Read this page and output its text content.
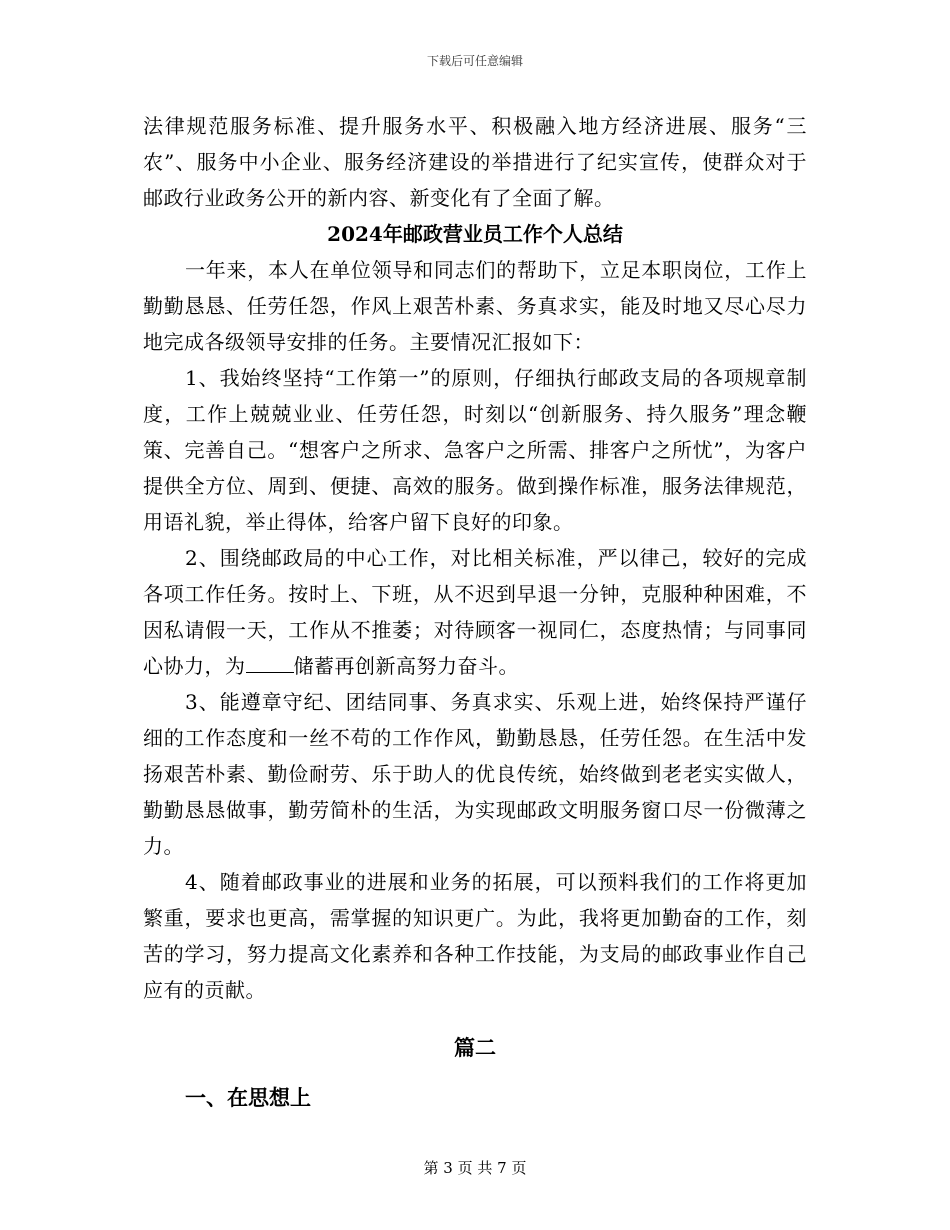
下载后可任意编辑

法律规范服务标准、提升服务水平、积极融入地方经济进展、服务“三农”、服务中小企业、服务经济建设的举措进行了纪实宣传，使群众对于邮政行业政务公开的新内容、新变化有了全面了解。

2024年邮政营业员工作个人总结

一年来，本人在单位领导和同志们的帮助下，立足本职岗位，工作上勤勤恳恳、任劳任怨，作风上艰苦朴素、务真求实，能及时地又尽心尽力地完成各级领导安排的任务。主要情况汇报如下：

1、我始终坚持“工作第一”的原则，仔细执行邮政支局的各项规章制度，工作上兢兢业业、任劳任怨，时刻以“创新服务、持久服务”理念鞭策、完善自己。“想客户之所求、急客户之所需、排客户之所忧”，为客户提供全方位、周到、便捷、高效的服务。做到操作标准，服务法律规范，用语礼貌，举止得体，给客户留下良好的印象。

2、围绕邮政局的中心工作，对比相关标准，严以律己，较好的完成各项工作任务。按时上、下班，从不迟到早退一分钟，克服种种困难，不因私请假一天，工作从不推萎；对待顾客一视同仁，态度热情；与同事同心协力，为 储蓄再创新高努力奋斗。

3、能遵章守纪、团结同事、务真求实、乐观上进，始终保持严谨仔细的工作态度和一丝不苟的工作作风，勤勤恳恳，任劳任怨。在生活中发扬艰苦朴素、勤俭耐劳、乐于助人的优良传统，始终做到老老实实做人，勤勤恳恳做事，勤劳简朴的生活，为实现邮政文明服务窗口尽一份微薄之力。

4、随着邮政事业的进展和业务的拓展，可以预料我们的工作将更加繁重，要求也更高，需掌握的知识更广。为此，我将更加勤奋的工作，刻苦的学习，努力提高文化素养和各种工作技能，为支局的邮政事业作自己应有的贡献。

篇二

一、在思想上

第 3 页 共 7 页
